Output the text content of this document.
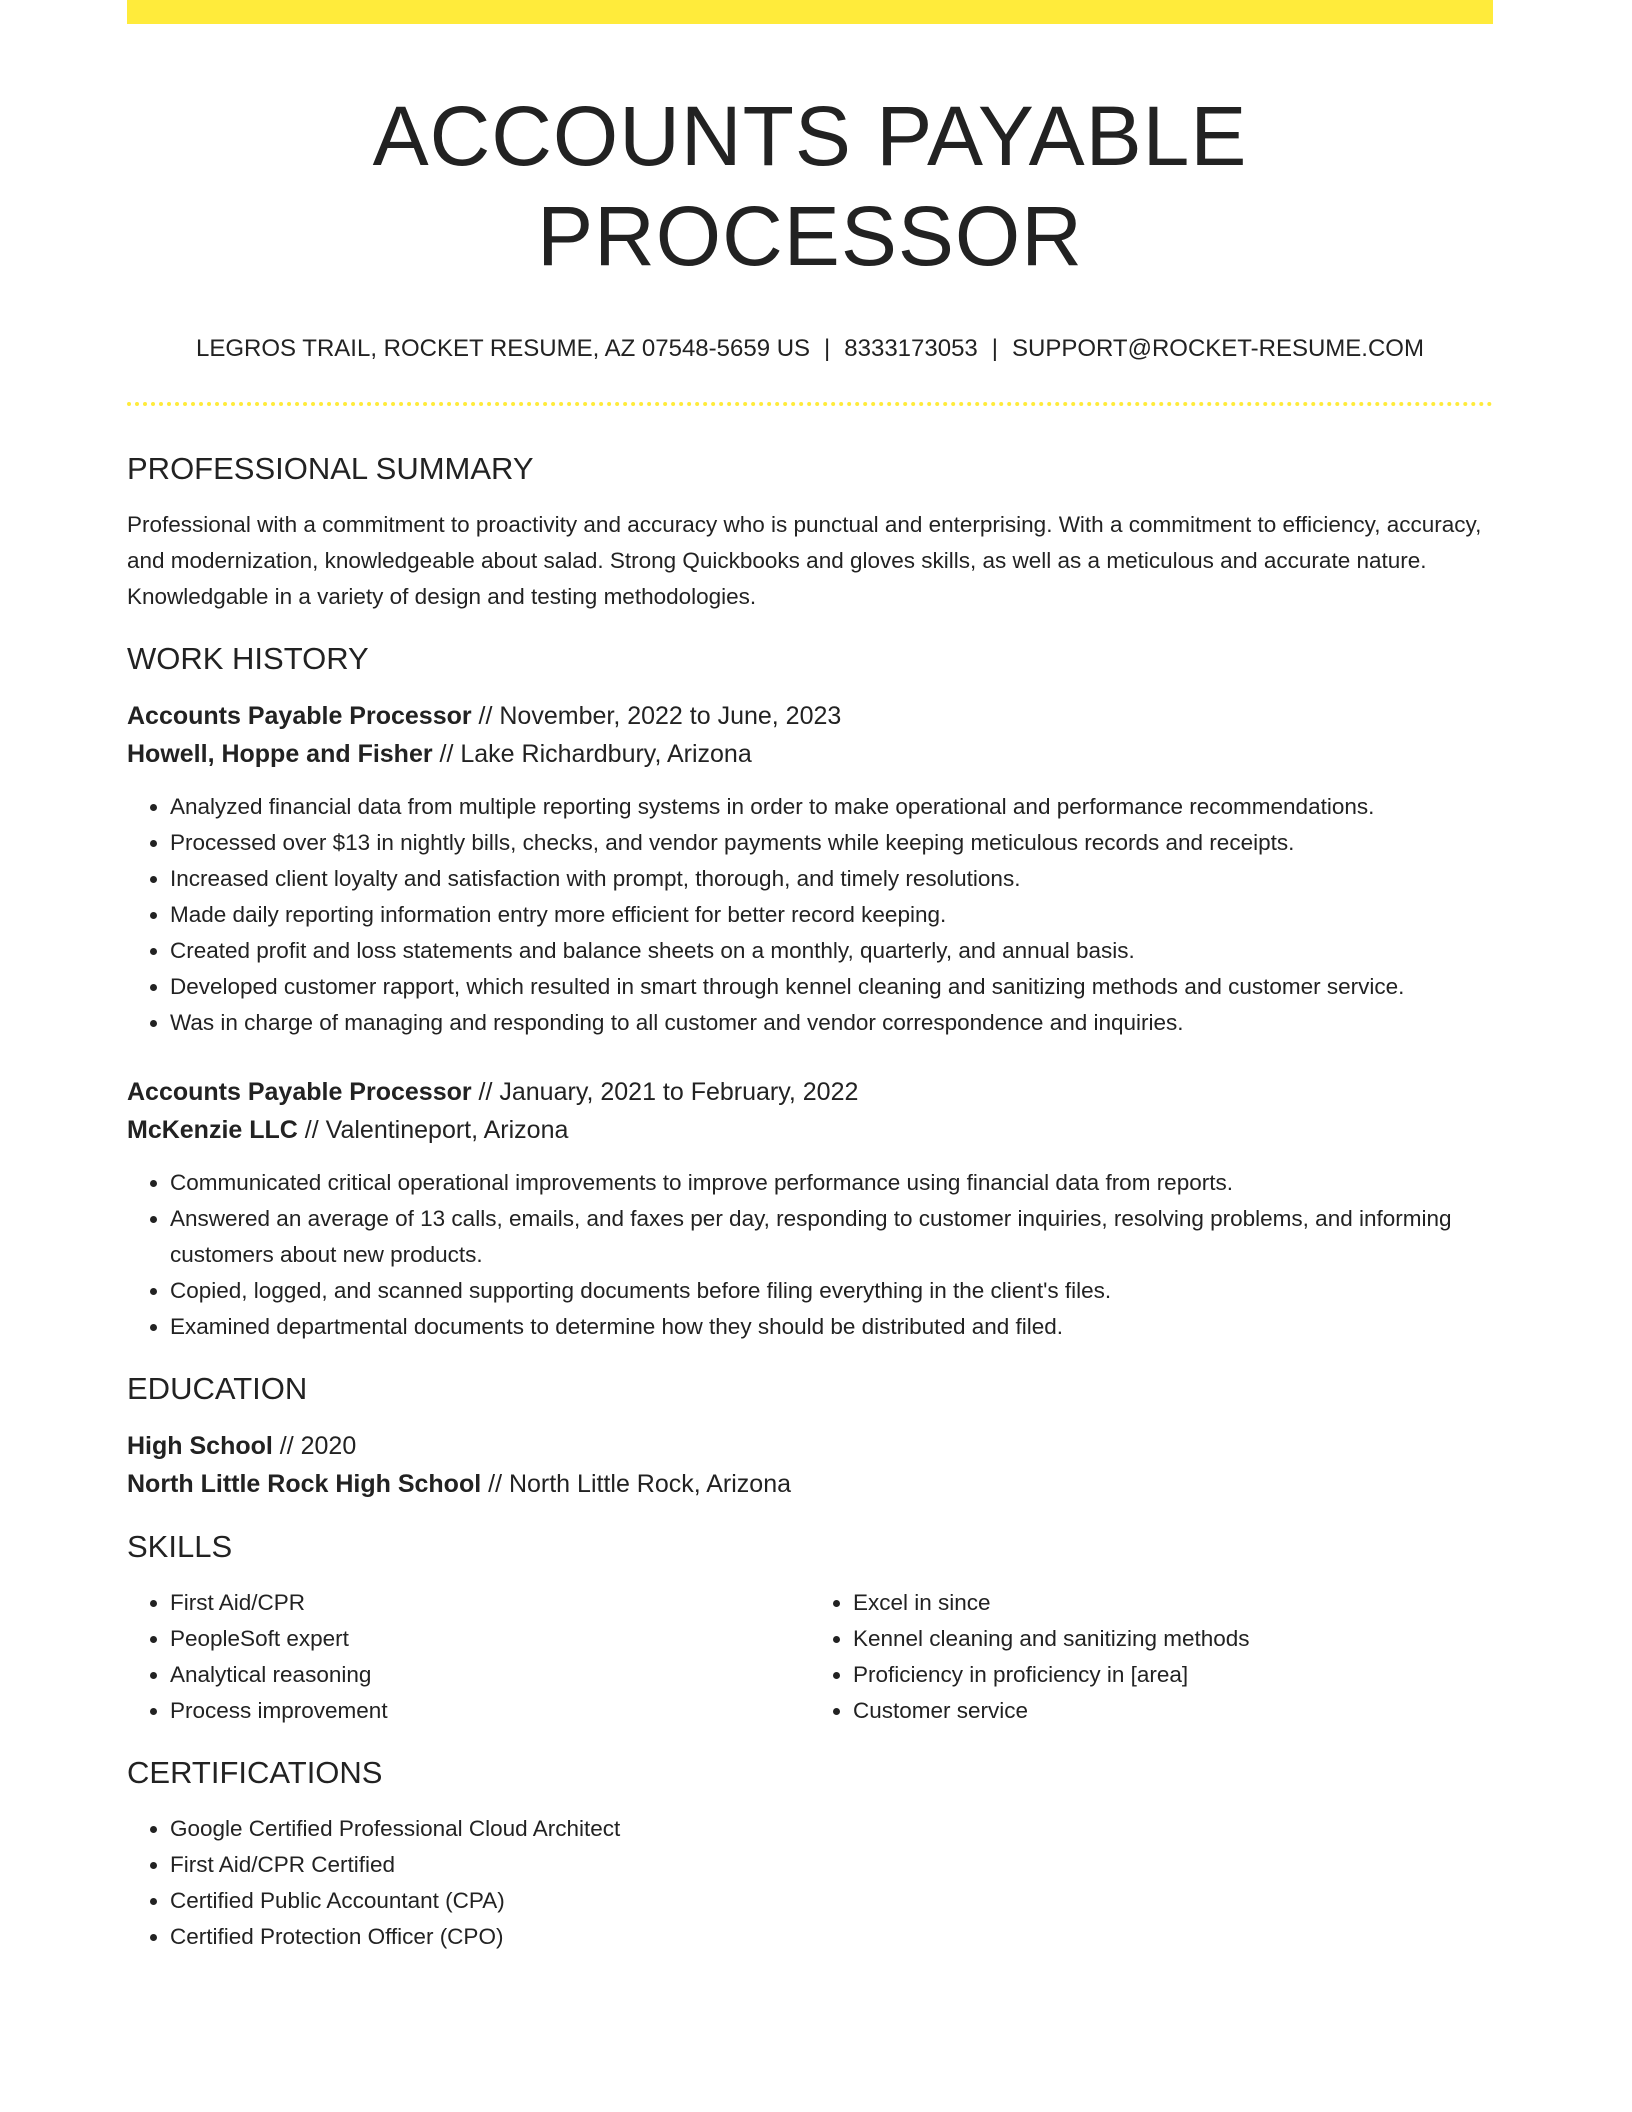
ACCOUNTS PAYABLE PROCESSOR
LEGROS TRAIL, ROCKET RESUME, AZ 07548-5659 US | 8333173053 | SUPPORT@ROCKET-RESUME.COM
PROFESSIONAL SUMMARY
Professional with a commitment to proactivity and accuracy who is punctual and enterprising. With a commitment to efficiency, accuracy, and modernization, knowledgeable about salad. Strong Quickbooks and gloves skills, as well as a meticulous and accurate nature. Knowledgable in a variety of design and testing methodologies.
WORK HISTORY
Accounts Payable Processor // November, 2022 to June, 2023
Howell, Hoppe and Fisher // Lake Richardbury, Arizona
• Analyzed financial data from multiple reporting systems in order to make operational and performance recommendations.
• Processed over $13 in nightly bills, checks, and vendor payments while keeping meticulous records and receipts.
• Increased client loyalty and satisfaction with prompt, thorough, and timely resolutions.
• Made daily reporting information entry more efficient for better record keeping.
• Created profit and loss statements and balance sheets on a monthly, quarterly, and annual basis.
• Developed customer rapport, which resulted in smart through kennel cleaning and sanitizing methods and customer service.
• Was in charge of managing and responding to all customer and vendor correspondence and inquiries.
Accounts Payable Processor // January, 2021 to February, 2022
McKenzie LLC // Valentineport, Arizona
• Communicated critical operational improvements to improve performance using financial data from reports.
• Answered an average of 13 calls, emails, and faxes per day, responding to customer inquiries, resolving problems, and informing customers about new products.
• Copied, logged, and scanned supporting documents before filing everything in the client's files.
• Examined departmental documents to determine how they should be distributed and filed.
EDUCATION
High School // 2020
North Little Rock High School // North Little Rock, Arizona
SKILLS
• First Aid/CPR
• PeopleSoft expert
• Analytical reasoning
• Process improvement
• Excel in since
• Kennel cleaning and sanitizing methods
• Proficiency in proficiency in [area]
• Customer service
CERTIFICATIONS
• Google Certified Professional Cloud Architect
• First Aid/CPR Certified
• Certified Public Accountant (CPA)
• Certified Protection Officer (CPO)
